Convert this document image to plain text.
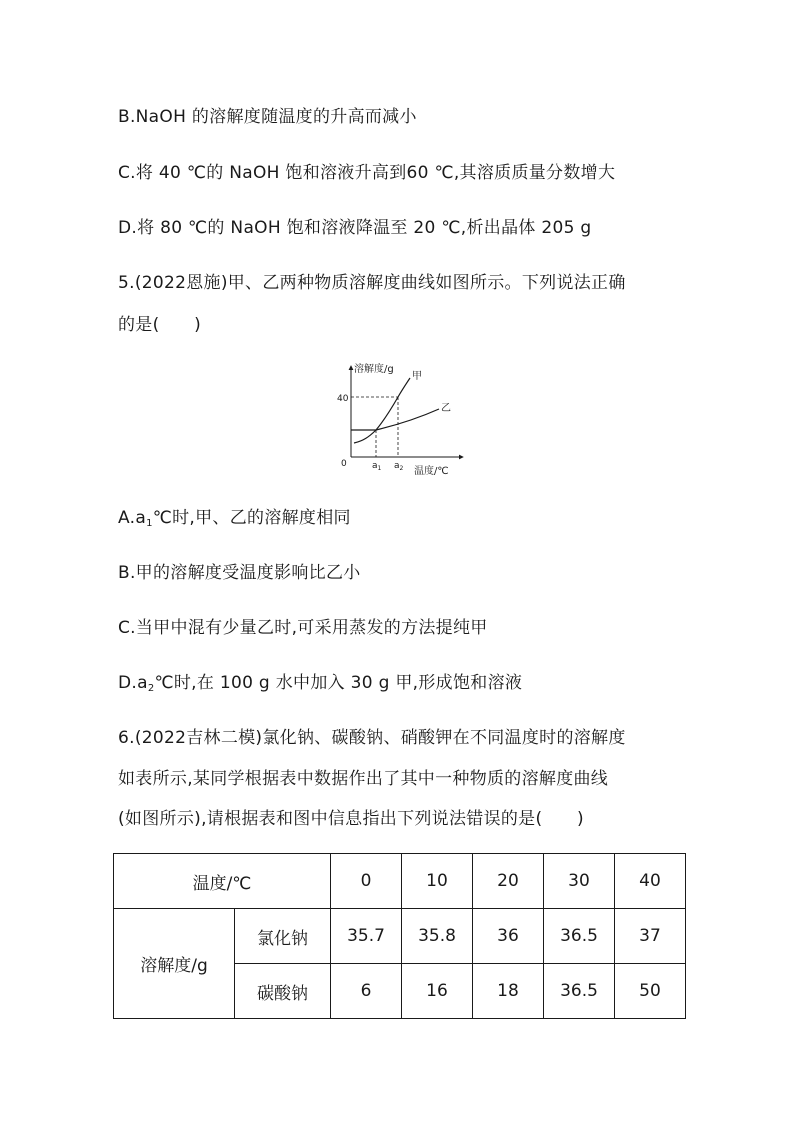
B.NaOH 的溶解度随温度的升高而减小
C.将 40 ℃的 NaOH 饱和溶液升高到60 ℃,其溶质质量分数增大
D.将 80 ℃的 NaOH 饱和溶液降温至 20 ℃,析出晶体 205 g
5.(2022恩施)甲、乙两种物质溶解度曲线如图所示。下列说法正确
的是(　　)
溶解度/g
温度/℃
0
40
甲
乙
$a_1$ $a_2$
$A.a_1℃$时,甲、乙的溶解度相同
B.甲的溶解度受温度影响比乙小
C.当甲中混有少量乙时,可采用蒸发的方法提纯甲
$D.a_2℃$时,在 100 g 水中加入 30 g 甲,形成饱和溶液
6.(2022吉林二模)氯化钠、碳酸钠、硝酸钾在不同温度时的溶解度
如表所示,某同学根据表中数据作出了其中一种物质的溶解度曲线
(如图所示),请根据表和图中信息指出下列说法错误的是(　　)
温度/℃		0	10	20	30	40
溶解度/g	氯化钠	35.7	35.8	36	36.5	37
	碳酸钠	6	16	18	36.5	50
